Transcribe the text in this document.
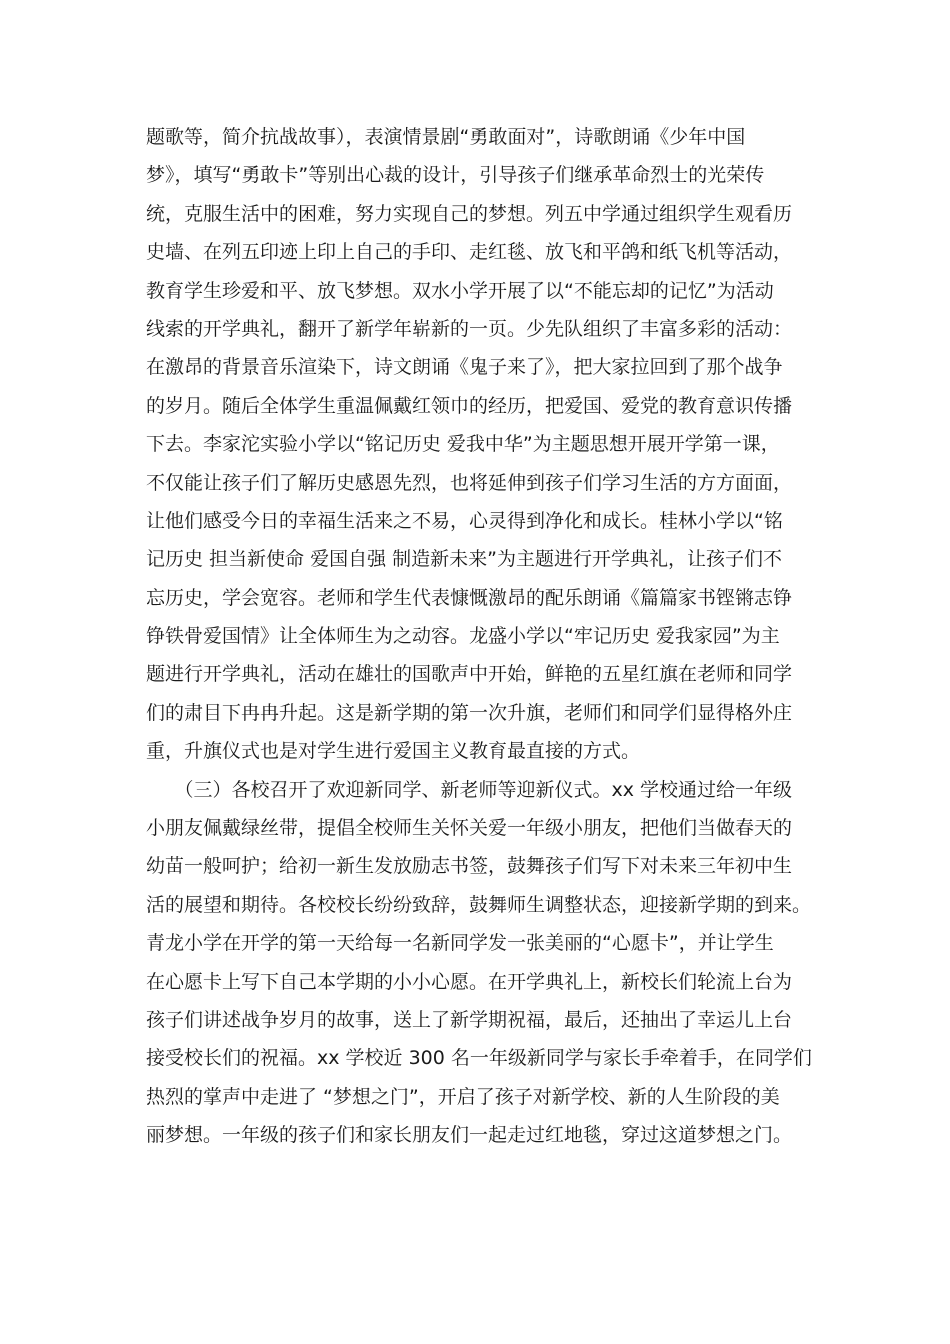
题歌等，简介抗战故事），表演情景剧“勇敢面对”，诗歌朗诵《少年中国
梦》，填写“勇敢卡”等别出心裁的设计，引导孩子们继承革命烈士的光荣传
统，克服生活中的困难，努力实现自己的梦想。列五中学通过组织学生观看历
史墙、在列五印迹上印上自己的手印、走红毯、放飞和平鸽和纸飞机等活动，
教育学生珍爱和平、放飞梦想。双水小学开展了以“不能忘却的记忆”为活动
线索的开学典礼，翻开了新学年崭新的一页。少先队组织了丰富多彩的活动：
在激昂的背景音乐渲染下，诗文朗诵《鬼子来了》，把大家拉回到了那个战争
的岁月。随后全体学生重温佩戴红领巾的经历，把爱国、爱党的教育意识传播
下去。李家沱实验小学以“铭记历史 爱我中华”为主题思想开展开学第一课，
不仅能让孩子们了解历史感恩先烈，也将延伸到孩子们学习生活的方方面面，
让他们感受今日的幸福生活来之不易，心灵得到净化和成长。桂林小学以“铭
记历史 担当新使命 爱国自强 制造新未来”为主题进行开学典礼，让孩子们不
忘历史，学会宽容。老师和学生代表慷慨激昂的配乐朗诵《篇篇家书铿锵志铮
铮铁骨爱国情》让全体师生为之动容。龙盛小学以“牢记历史 爱我家园”为主
题进行开学典礼，活动在雄壮的国歌声中开始，鲜艳的五星红旗在老师和同学
们的肃目下冉冉升起。这是新学期的第一次升旗，老师们和同学们显得格外庄
重，升旗仪式也是对学生进行爱国主义教育最直接的方式。
　　（三）各校召开了欢迎新同学、新老师等迎新仪式。xx 学校通过给一年级
小朋友佩戴绿丝带，提倡全校师生关怀关爱一年级小朋友，把他们当做春天的
幼苗一般呵护；给初一新生发放励志书签，鼓舞孩子们写下对未来三年初中生
活的展望和期待。各校校长纷纷致辞，鼓舞师生调整状态，迎接新学期的到来。
青龙小学在开学的第一天给每一名新同学发一张美丽的“心愿卡”，并让学生
在心愿卡上写下自己本学期的小小心愿。在开学典礼上，新校长们轮流上台为
孩子们讲述战争岁月的故事，送上了新学期祝福，最后，还抽出了幸运儿上台
接受校长们的祝福。xx 学校近 300 名一年级新同学与家长手牵着手，在同学们
热烈的掌声中走进了 “梦想之门”，开启了孩子对新学校、新的人生阶段的美
丽梦想。一年级的孩子们和家长朋友们一起走过红地毯，穿过这道梦想之门。
